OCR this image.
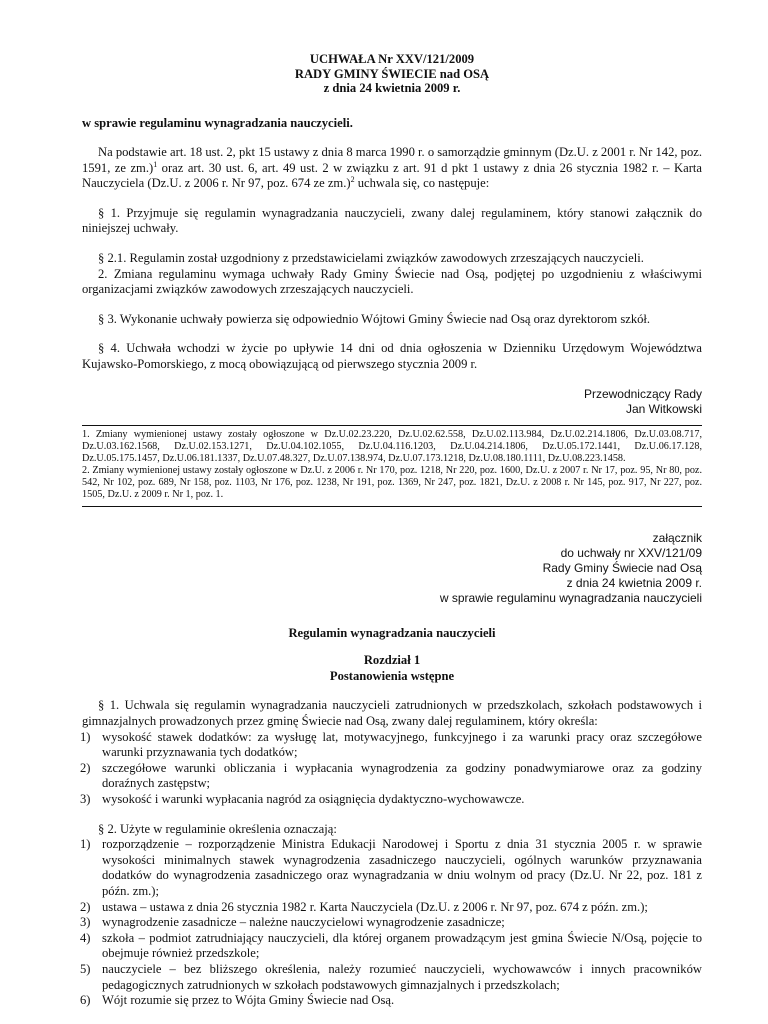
UCHWAŁA Nr XXV/121/2009
RADY GMINY ŚWIECIE nad OSĄ
z dnia 24 kwietnia 2009 r.

w sprawie regulaminu wynagradzania nauczycieli.

Na podstawie art. 18 ust. 2, pkt 15 ustawy z dnia 8 marca 1990 r. o samorządzie gminnym (Dz.U. z 2001 r. Nr 142, poz. 1591, ze zm.)$^1$ oraz art. 30 ust. 6, art. 49 ust. 2 w związku z art. 91 d pkt 1 ustawy z dnia 26 stycznia 1982 r. – Karta Nauczyciela (Dz.U. z 2006 r. Nr 97, poz. 674 ze zm.)$^2$ uchwala się, co następuje:

§ 1. Przyjmuje się regulamin wynagradzania nauczycieli, zwany dalej regulaminem, który stanowi załącznik do niniejszej uchwały.

§ 2.1. Regulamin został uzgodniony z przedstawicielami związków zawodowych zrzeszających nauczycieli.

2. Zmiana regulaminu wymaga uchwały Rady Gminy Świecie nad Osą, podjętej po uzgodnieniu z właściwymi organizacjami związków zawodowych zrzeszających nauczycieli.

§ 3. Wykonanie uchwały powierza się odpowiednio Wójtowi Gminy Świecie nad Osą oraz dyrektorom szkół.

§ 4. Uchwała wchodzi w życie po upływie 14 dni od dnia ogłoszenia w Dzienniku Urzędowym Województwa Kujawsko-Pomorskiego, z mocą obowiązującą od pierwszego stycznia 2009 r.

Przewodniczący Rady
Jan Witkowski

1. Zmiany wymienionej ustawy zostały ogłoszone w Dz.U.02.23.220, Dz.U.02.62.558, Dz.U.02.113.984, Dz.U.02.214.1806, Dz.U.03.08.717, Dz.U.03.162.1568, Dz.U.02.153.1271, Dz.U.04.102.1055, Dz.U.04.116.1203, Dz.U.04.214.1806, Dz.U.05.172.1441, Dz.U.06.17.128, Dz.U.05.175.1457, Dz.U.06.181.1337, Dz.U.07.48.327, Dz.U.07.138.974, Dz.U.07.173.1218, Dz.U.08.180.1111, Dz.U.08.223.1458.

2. Zmiany wymienionej ustawy zostały ogłoszone w Dz.U. z 2006 r. Nr 170, poz. 1218, Nr 220, poz. 1600, Dz.U. z 2007 r. Nr 17, poz. 95, Nr 80, poz. 542, Nr 102, poz. 689, Nr 158, poz. 1103, Nr 176, poz. 1238, Nr 191, poz. 1369, Nr 247, poz. 1821, Dz.U. z 2008 r. Nr 145, poz. 917, Nr 227, poz. 1505, Dz.U. z 2009 r. Nr 1, poz. 1.

załącznik
do uchwały nr XXV/121/09
Rady Gminy Świecie nad Osą
z dnia 24 kwietnia 2009 r.
w sprawie regulaminu wynagradzania nauczycieli
Regulamin wynagradzania nauczycieli
Rozdział 1
Postanowienia wstępne

§ 1. Uchwala się regulamin wynagradzania nauczycieli zatrudnionych w przedszkolach, szkołach podstawowych i gimnazjalnych prowadzonych przez gminę Świecie nad Osą, zwany dalej regulaminem, który określa:

1) wysokość stawek dodatków: za wysługę lat, motywacyjnego, funkcyjnego i za warunki pracy oraz szczegółowe warunki przyznawania tych dodatków;
2) szczegółowe warunki obliczania i wypłacania wynagrodzenia za godziny ponadwymiarowe oraz za godziny doraźnych zastępstw;
3) wysokość i warunki wypłacania nagród za osiągnięcia dydaktyczno-wychowawcze.

§ 2. Użyte w regulaminie określenia oznaczają:

1) rozporządzenie – rozporządzenie Ministra Edukacji Narodowej i Sportu z dnia 31 stycznia 2005 r. w sprawie wysokości minimalnych stawek wynagrodzenia zasadniczego nauczycieli, ogólnych warunków przyznawania dodatków do wynagrodzenia zasadniczego oraz wynagradzania w dniu wolnym od pracy (Dz.U. Nr 22, poz. 181 z późn. zm.);
2) ustawa – ustawa z dnia 26 stycznia 1982 r. Karta Nauczyciela (Dz.U. z 2006 r. Nr 97, poz. 674 z późn. zm.);
3) wynagrodzenie zasadnicze – należne nauczycielowi wynagrodzenie zasadnicze;
4) szkoła – podmiot zatrudniający nauczycieli, dla której organem prowadzącym jest gmina Świecie N/Osą, pojęcie to obejmuje również przedszkole;
5) nauczyciele – bez bliższego określenia, należy rozumieć nauczycieli, wychowawców i innych pracowników pedagogicznych zatrudnionych w szkołach podstawowych gimnazjalnych i przedszkolach;
6) Wójt rozumie się przez to Wójta Gminy Świecie nad Osą.
